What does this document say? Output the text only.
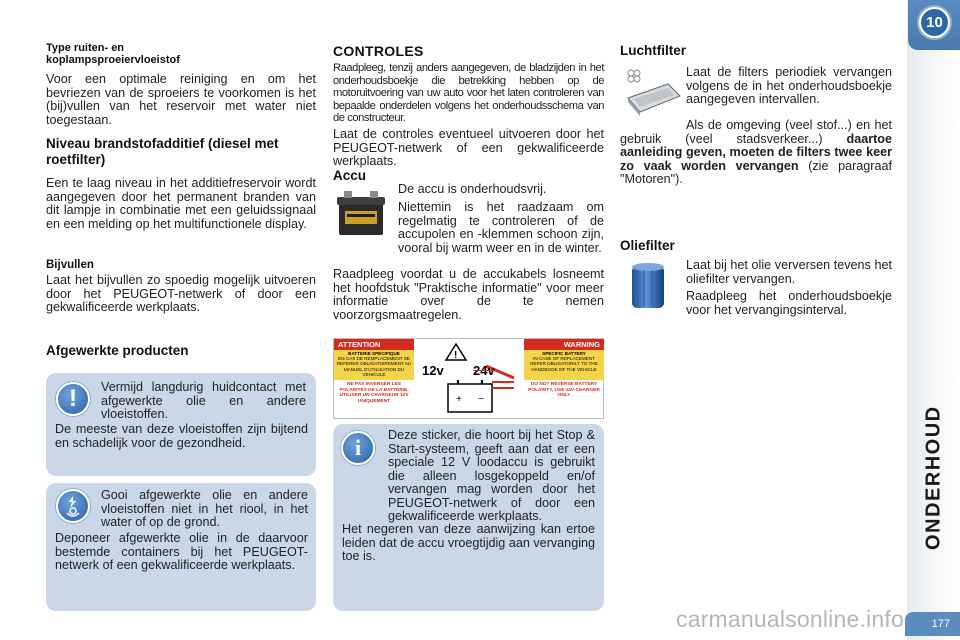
10
ONDERHOUD
177
Type ruiten- en koplampsproeiervloeistof
Voor een optimale reiniging en om het bevriezen van de sproeiers te voorkomen is het (bij)vullen van het reservoir met water niet toegestaan.
Niveau brandstofadditief (diesel met roetfilter)
Een te laag niveau in het additiefreservoir wordt aangegeven door het permanent branden van dit lampje in combinatie met een geluidssignaal en een melding op het multifunctionele display.
Bijvullen
Laat het bijvullen zo spoedig mogelijk uitvoeren door het PEUGEOT-netwerk of door een gekwalificeerde werkplaats.
Afgewerkte producten
!	Vermijd langdurig huidcontact met afgewerkte olie en andere vloeistoffen.
De meeste van deze vloeistoffen zijn bijtend en schadelijk voor de gezondheid.
Gooi afgewerkte olie en andere vloeistoffen niet in het riool, in het water of op de grond.
Deponeer afgewerkte olie in de daarvoor bestemde containers bij het PEUGEOT-netwerk of een gekwalificeerde werkplaats.
CONTROLES
Raadpleeg, tenzij anders aangegeven, de bladzijden in het onderhoudsboekje die betrekking hebben op de motoruitvoering van uw auto voor het laten controleren van bepaalde onderdelen volgens het onderhoudsschema van de constructeur.
Laat de controles eventueel uitvoeren door het PEUGEOT-netwerk of een gekwalificeerde werkplaats.
Accu
De accu is onderhoudsvrij.
Niettemin is het raadzaam om regelmatig te controleren of de accupolen en -klemmen schoon zijn, vooral bij warm weer en in de winter.
Raadpleeg voordat u de accukabels losneemt het hoofdstuk "Praktische informatie" voor meer informatie over de te nemen voorzorgsmaatregelen.
ATTENTION	WARNING
BATTERIE SPECIFIQUE
EN CAS DE REMPLACEMENT SE REFERER OBLIGATOIREMENT AU MANUEL D'UTILISATION DU VEHICULE
NE PAS INVERSER LES POLARITES DE LA BATTERIE, UTILISER UN CHARGEUR 12V UNIQUEMENT
SPECIFIC BATTERY
IN CASE OF REPLACEMENT REFER OBLIGATORILY TO THE HANDBOOK OF THE VEHICLE
DO NOT REVERSE BATTERY POLARITY, USE 12V CHARGER ONLY
!
+ −
12v 24v
i	Deze sticker, die hoort bij het Stop & Start-systeem, geeft aan dat er een speciale 12 V loodaccu is gebruikt die alleen losgekoppeld en/of vervangen mag worden door het PEUGEOT-netwerk of door een gekwalificeerde werkplaats.
Het negeren van deze aanwijzing kan ertoe leiden dat de accu vroegtijdig aan vervanging toe is.
Luchtfilter
Laat de filters periodiek vervangen volgens de in het onderhoudsboekje aangegeven intervallen.
Als de omgeving (veel stof...) en het gebruik (veel stadsverkeer...) daartoe aanleiding geven, moeten de filters twee keer zo vaak worden vervangen (zie paragraaf "Motoren").
Oliefilter
Laat bij het olie verversen tevens het oliefilter vervangen.
Raadpleeg het onderhoudsboekje voor het vervangingsinterval.
carmanualsonline.info
